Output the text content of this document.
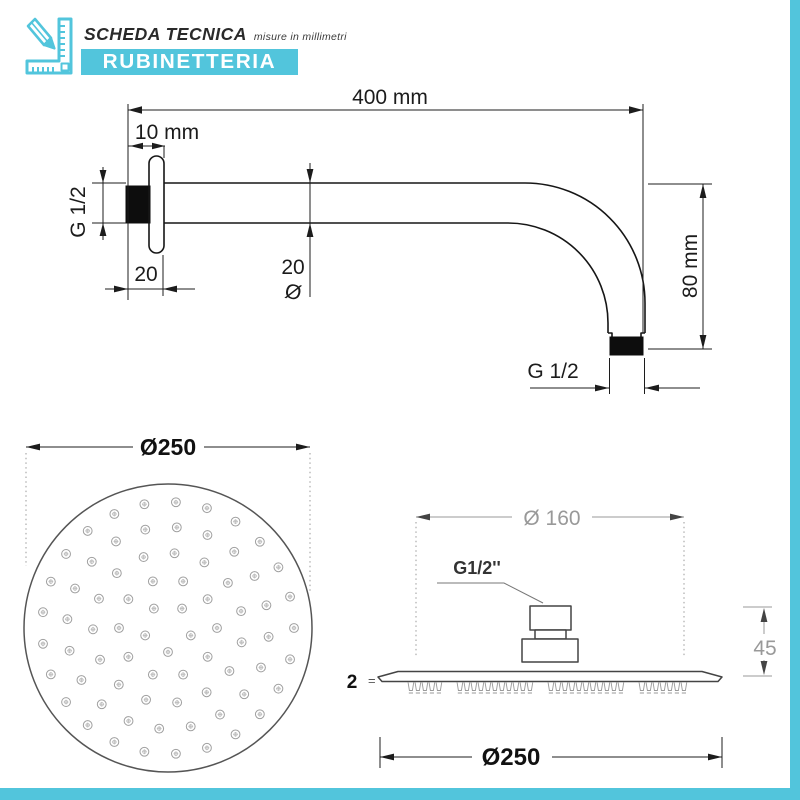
SCHEDA TECNICA misure in millimetri
RUBINETTERIA
400 mm
10 mm
G 1/2
20	20
Ø	80 mm
G 1/2
Ø250
Ø 160
G1/2''
2 =
45
Ø250
